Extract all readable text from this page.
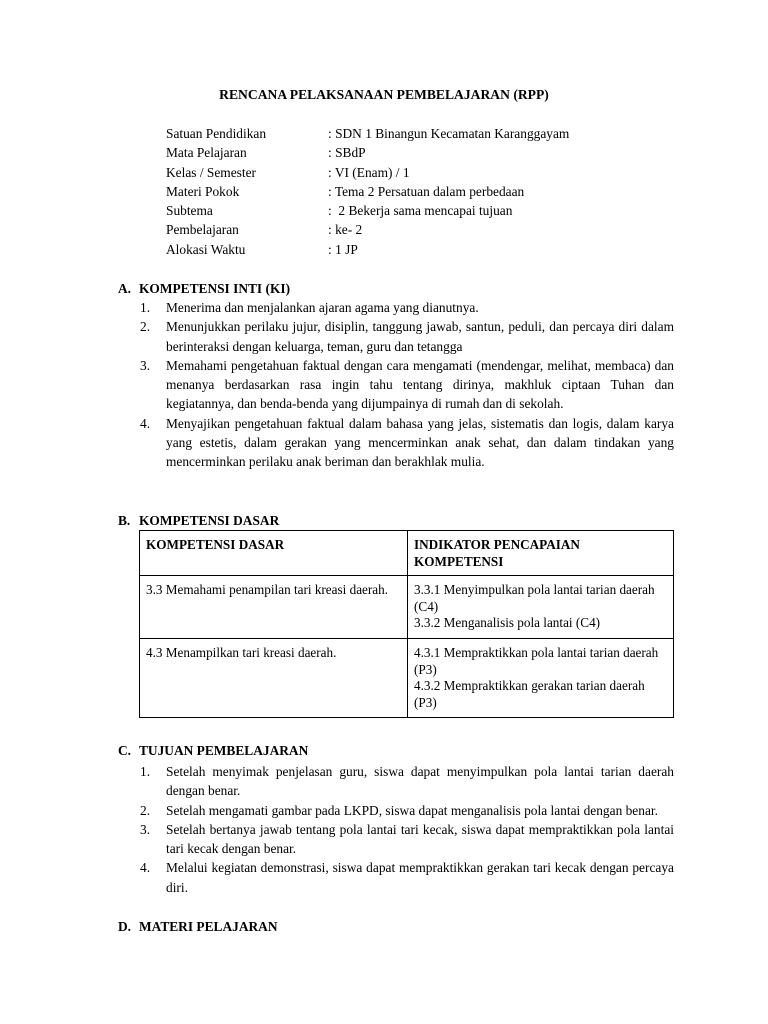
RENCANA PELAKSANAAN PEMBELAJARAN (RPP)
Satuan Pendidikan	: SDN 1 Binangun Kecamatan Karanggayam
Mata Pelajaran	: SBdP
Kelas / Semester	: VI (Enam) / 1
Materi Pokok	: Tema 2 Persatuan dalam perbedaan
Subtema	:  2 Bekerja sama mencapai tujuan
Pembelajaran	: ke- 2
Alokasi Waktu	: 1 JP
A. KOMPETENSI INTI (KI)
1. Menerima dan menjalankan ajaran agama yang dianutnya.
2. Menunjukkan perilaku jujur, disiplin, tanggung jawab, santun, peduli, dan percaya diri dalam berinteraksi dengan keluarga, teman, guru dan tetangga
3. Memahami pengetahuan faktual dengan cara mengamati (mendengar, melihat, membaca) dan menanya berdasarkan rasa ingin tahu tentang dirinya, makhluk ciptaan Tuhan dan kegiatannya, dan benda-benda yang dijumpainya di rumah dan di sekolah.
4. Menyajikan pengetahuan faktual dalam bahasa yang jelas, sistematis dan logis, dalam karya yang estetis, dalam gerakan yang mencerminkan anak sehat, dan dalam tindakan yang mencerminkan perilaku anak beriman dan berakhlak mulia.
B. KOMPETENSI DASAR
KOMPETENSI DASAR	INDIKATOR PENCAPAIAN KOMPETENSI
3.3 Memahami penampilan tari kreasi daerah.	3.3.1 Menyimpulkan pola lantai tarian daerah (C4)
3.3.2 Menganalisis pola lantai (C4)

4.3 Menampilkan tari kreasi daerah.	4.3.1 Mempraktikkan pola lantai tarian daerah (P3)
4.3.2 Mempraktikkan gerakan tarian daerah (P3)
C. TUJUAN PEMBELAJARAN
1. Setelah menyimak penjelasan guru, siswa dapat menyimpulkan pola lantai tarian daerah dengan benar.
2. Setelah mengamati gambar pada LKPD, siswa dapat menganalisis pola lantai dengan benar.
3. Setelah bertanya jawab tentang pola lantai tari kecak, siswa dapat mempraktikkan pola lantai tari kecak dengan benar.
4. Melalui kegiatan demonstrasi, siswa dapat mempraktikkan gerakan tari kecak dengan percaya diri.
D. MATERI PELAJARAN
